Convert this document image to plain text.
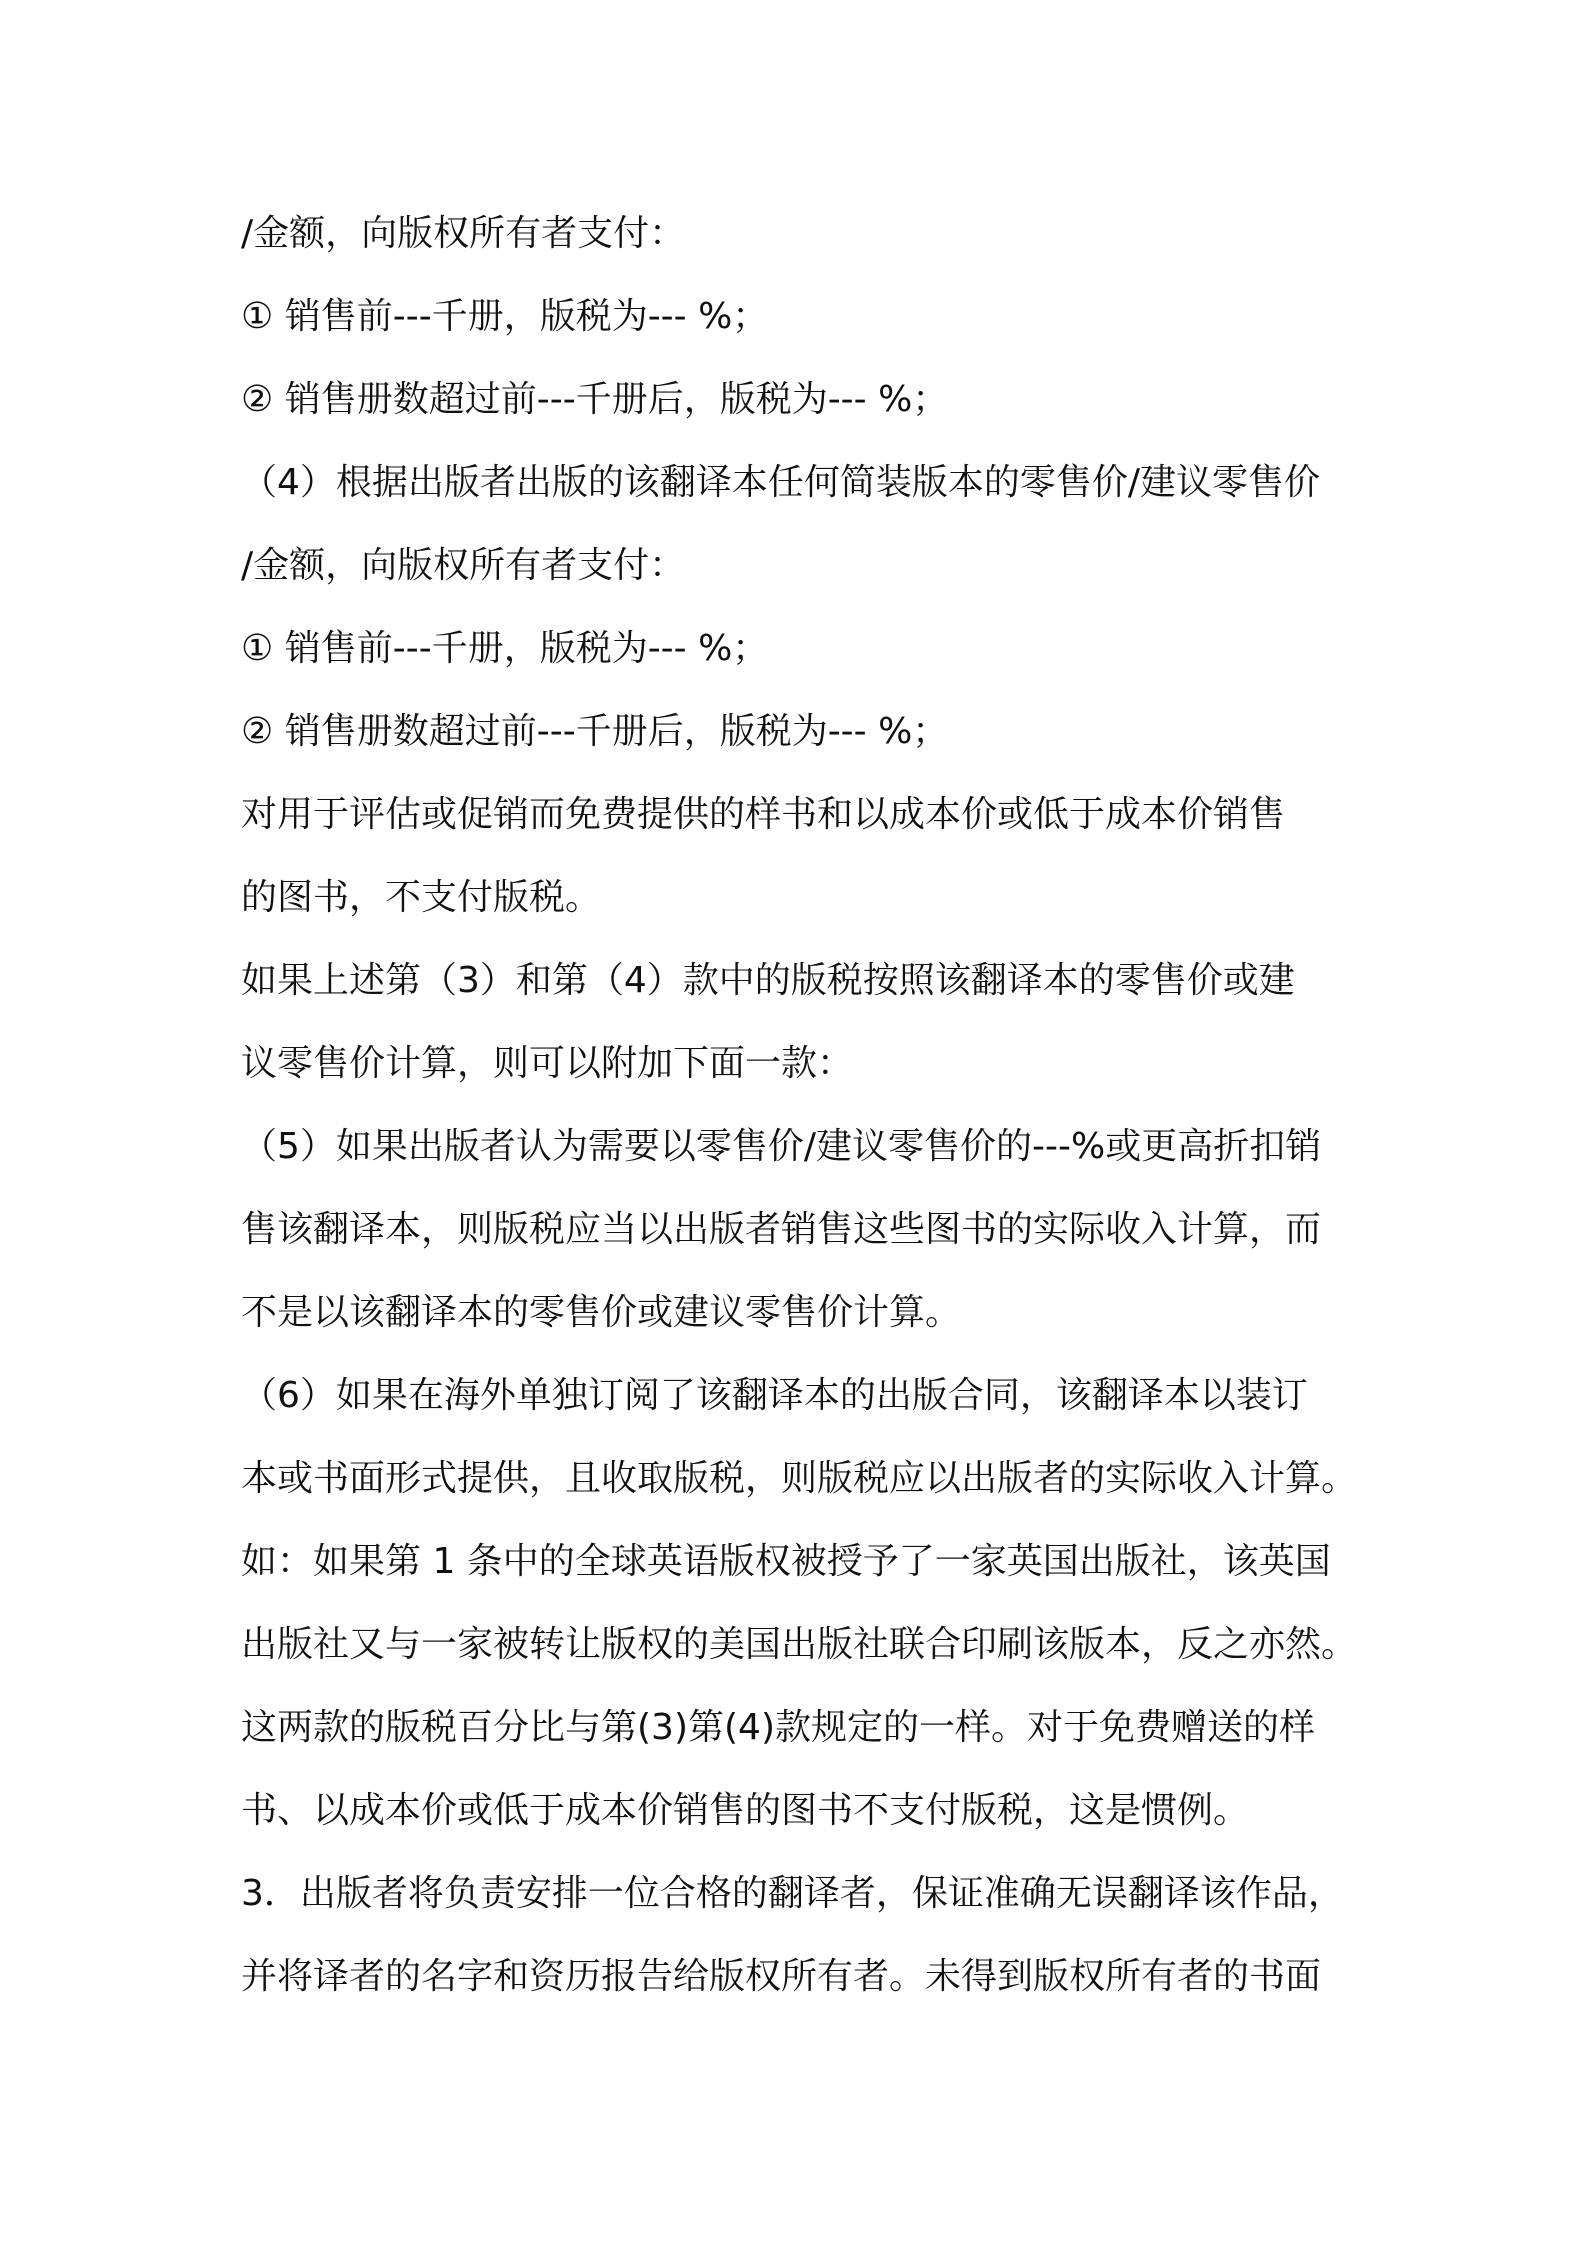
/金额，向版权所有者支付：
① 销售前---千册，版税为--- %；
② 销售册数超过前---千册后，版税为--- %；
（4）根据出版者出版的该翻译本任何简装版本的零售价/建议零售价
/金额，向版权所有者支付：
① 销售前---千册，版税为--- %；
② 销售册数超过前---千册后，版税为--- %；
对用于评估或促销而免费提供的样书和以成本价或低于成本价销售
的图书，不支付版税。
如果上述第（3）和第（4）款中的版税按照该翻译本的零售价或建
议零售价计算，则可以附加下面一款：
（5）如果出版者认为需要以零售价/建议零售价的---%或更高折扣销
售该翻译本，则版税应当以出版者销售这些图书的实际收入计算，而
不是以该翻译本的零售价或建议零售价计算。
（6）如果在海外单独订阅了该翻译本的出版合同，该翻译本以装订
本或书面形式提供，且收取版税，则版税应以出版者的实际收入计算。
如：如果第 1 条中的全球英语版权被授予了一家英国出版社，该英国
出版社又与一家被转让版权的美国出版社联合印刷该版本，反之亦然。
这两款的版税百分比与第(3)第(4)款规定的一样。对于免费赠送的样
书、以成本价或低于成本价销售的图书不支付版税，这是惯例。
3．出版者将负责安排一位合格的翻译者，保证准确无误翻译该作品，
并将译者的名字和资历报告给版权所有者。未得到版权所有者的书面
